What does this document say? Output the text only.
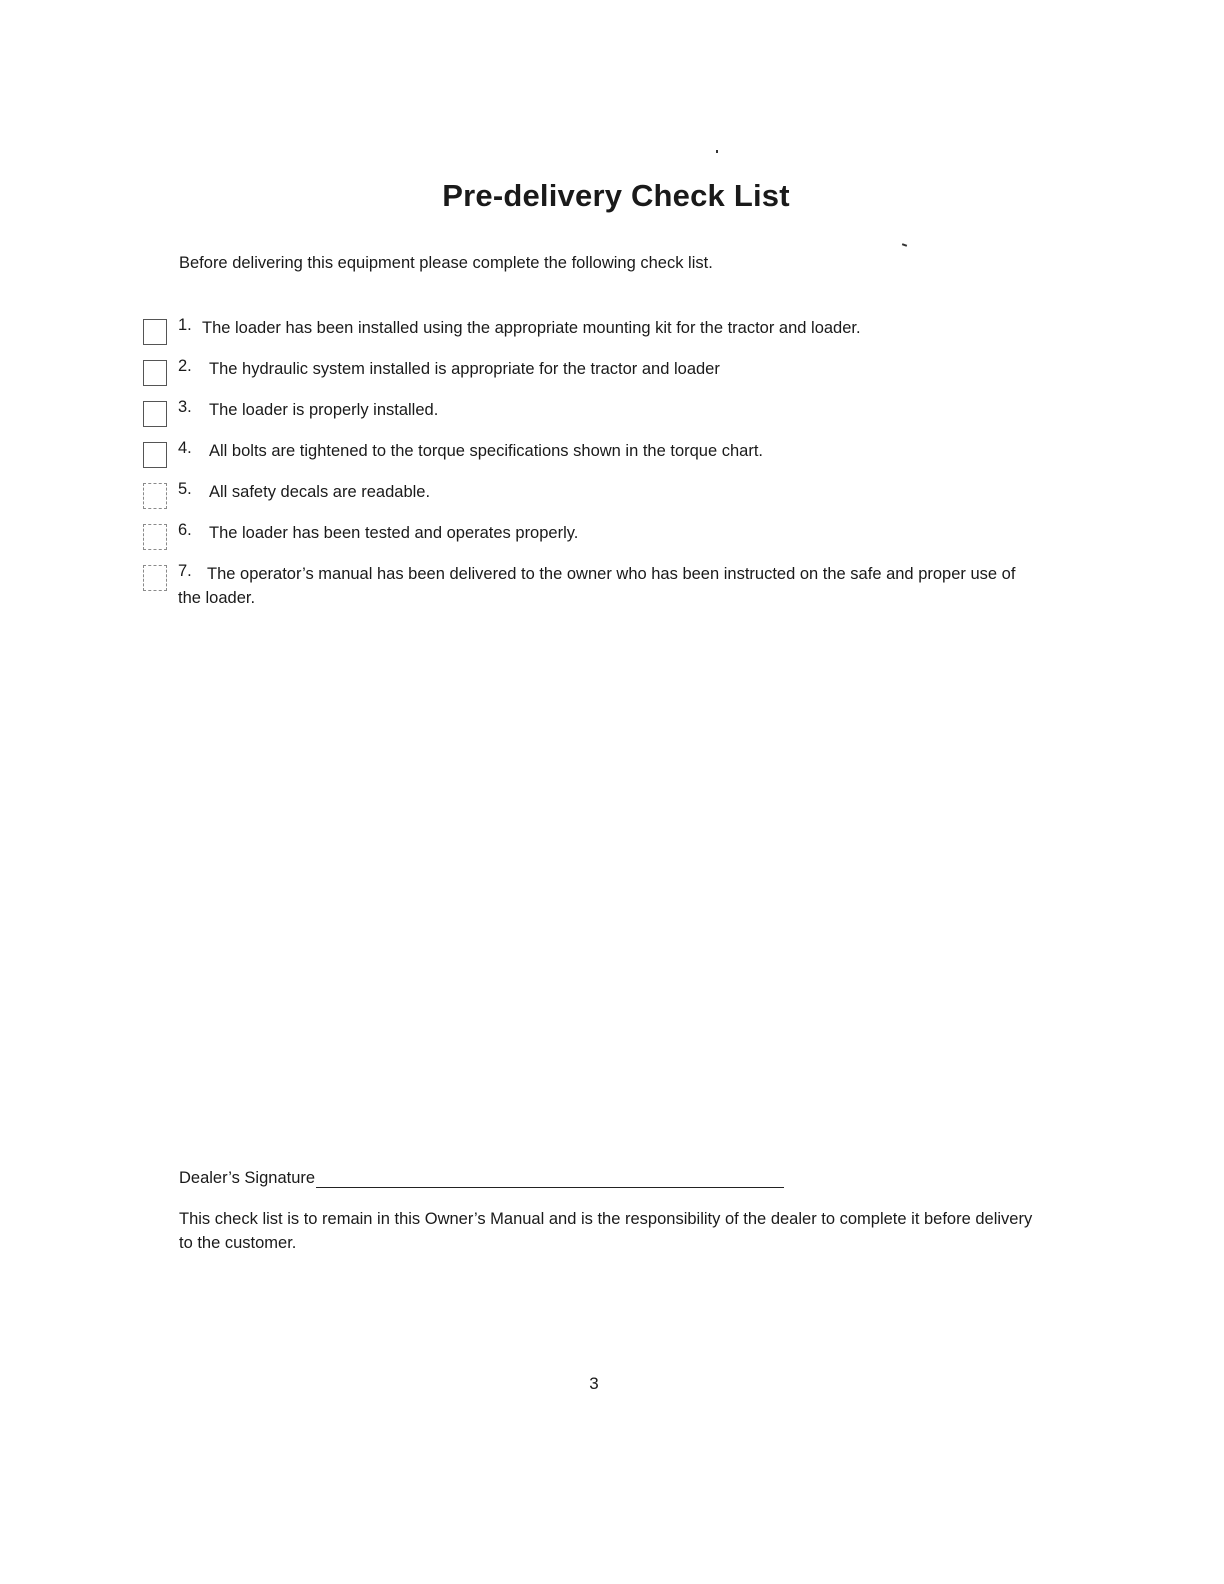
Pre-delivery Check List
Before delivering this equipment please complete the following check list.
1. The loader has been installed using the appropriate mounting kit for the tractor and loader.
2. The hydraulic system installed is appropriate for the tractor and loader
3. The loader is properly installed.
4. All bolts are tightened to the torque specifications shown in the torque chart.
5. All safety decals are readable.
6. The loader has been tested and operates properly.
7. The operator’s manual has been delivered to the owner who has been instructed on the safe and proper use of the loader.
Dealer’s Signature
This check list is to remain in this Owner’s Manual and is the responsibility of the dealer to complete it before delivery to the customer.
3
